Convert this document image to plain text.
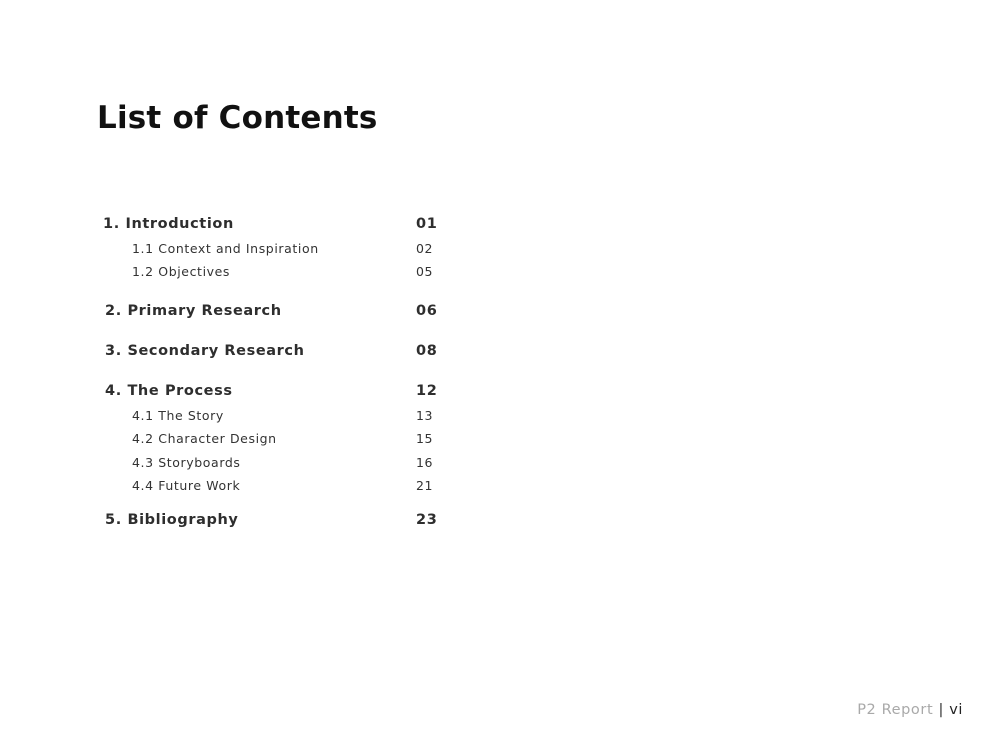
List of Contents
1. Introduction	01
1.1 Context and Inspiration	02
1.2 Objectives	05
2. Primary Research	06
3. Secondary Research	08
4. The Process	12
4.1 The Story	13
4.2 Character Design	15
4.3 Storyboards	16
4.4 Future Work	21
5. Bibliography	23
P2 Report | vi
